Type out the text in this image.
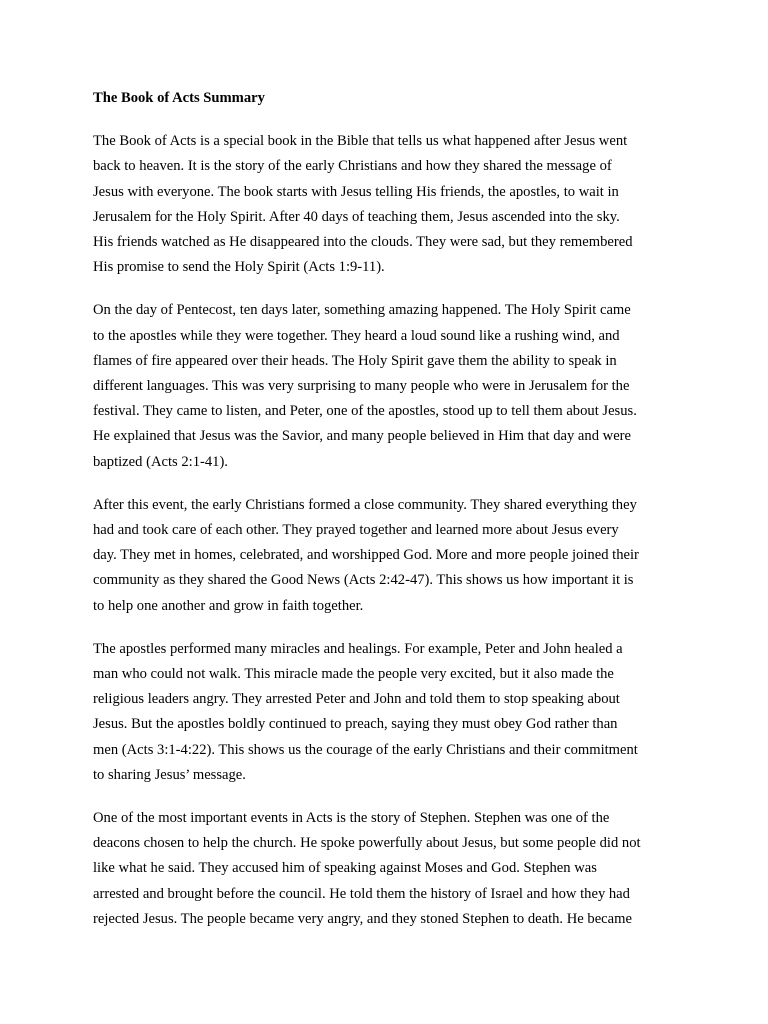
The Book of Acts Summary
The Book of Acts is a special book in the Bible that tells us what happened after Jesus went
back to heaven. It is the story of the early Christians and how they shared the message of
Jesus with everyone. The book starts with Jesus telling His friends, the apostles, to wait in
Jerusalem for the Holy Spirit. After 40 days of teaching them, Jesus ascended into the sky.
His friends watched as He disappeared into the clouds. They were sad, but they remembered
His promise to send the Holy Spirit (Acts 1:9-11).
On the day of Pentecost, ten days later, something amazing happened. The Holy Spirit came
to the apostles while they were together. They heard a loud sound like a rushing wind, and
flames of fire appeared over their heads. The Holy Spirit gave them the ability to speak in
different languages. This was very surprising to many people who were in Jerusalem for the
festival. They came to listen, and Peter, one of the apostles, stood up to tell them about Jesus.
He explained that Jesus was the Savior, and many people believed in Him that day and were
baptized (Acts 2:1-41).
After this event, the early Christians formed a close community. They shared everything they
had and took care of each other. They prayed together and learned more about Jesus every
day. They met in homes, celebrated, and worshipped God. More and more people joined their
community as they shared the Good News (Acts 2:42-47). This shows us how important it is
to help one another and grow in faith together.
The apostles performed many miracles and healings. For example, Peter and John healed a
man who could not walk. This miracle made the people very excited, but it also made the
religious leaders angry. They arrested Peter and John and told them to stop speaking about
Jesus. But the apostles boldly continued to preach, saying they must obey God rather than
men (Acts 3:1-4:22). This shows us the courage of the early Christians and their commitment
to sharing Jesus’ message.
One of the most important events in Acts is the story of Stephen. Stephen was one of the
deacons chosen to help the church. He spoke powerfully about Jesus, but some people did not
like what he said. They accused him of speaking against Moses and God. Stephen was
arrested and brought before the council. He told them the history of Israel and how they had
rejected Jesus. The people became very angry, and they stoned Stephen to death. He became
